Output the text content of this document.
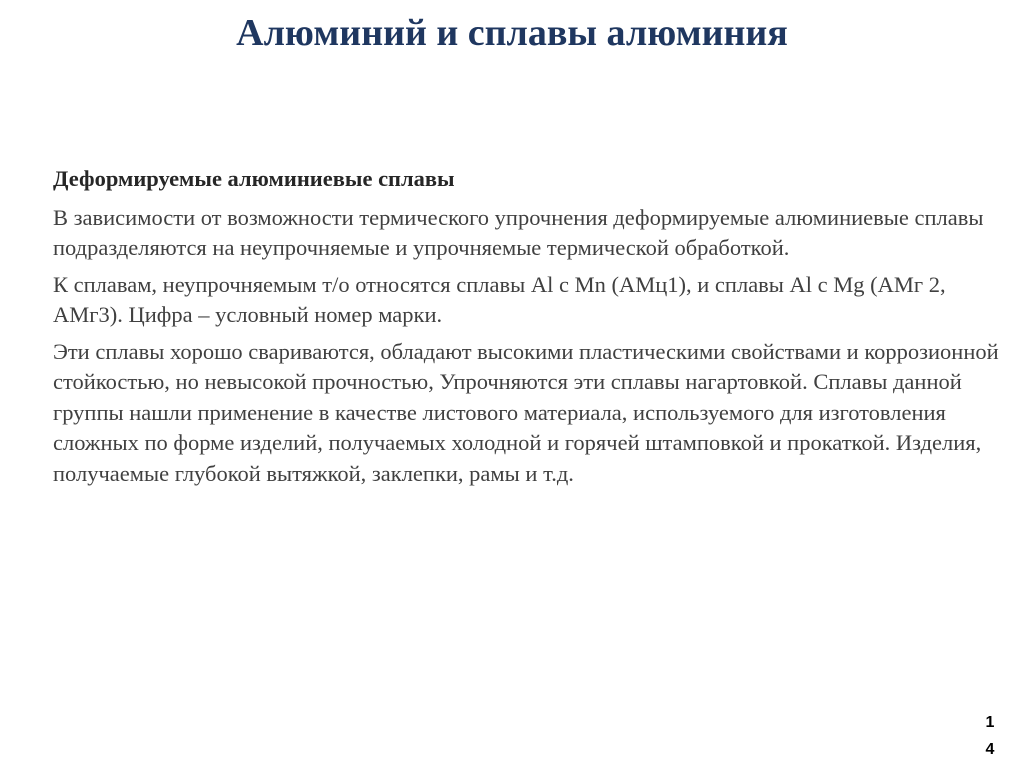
Алюминий и сплавы алюминия

Деформируемые алюминиевые сплавы

В зависимости от возможности термического упрочнения деформируемые алюминиевые сплавы подразделяются на неупрочняемые и упрочняемые термической обработкой.

К сплавам, неупрочняемым т/о относятся сплавы Al с Mn (АМц1), и сплавы Al с Mg (АМг 2, АМг3). Цифра – условный номер марки.

Эти сплавы хорошо свариваются, обладают высокими пластическими свойствами и коррозионной стойкостью, но невысокой прочностью, Упрочняются эти сплавы нагартовкой. Сплавы данной группы нашли применение в качестве листового материала, используемого для изготовления сложных по форме изделий, получаемых холодной и горячей штамповкой и прокаткой. Изделия, получаемые глубокой вытяжкой, заклепки, рамы и т.д.

1
4
